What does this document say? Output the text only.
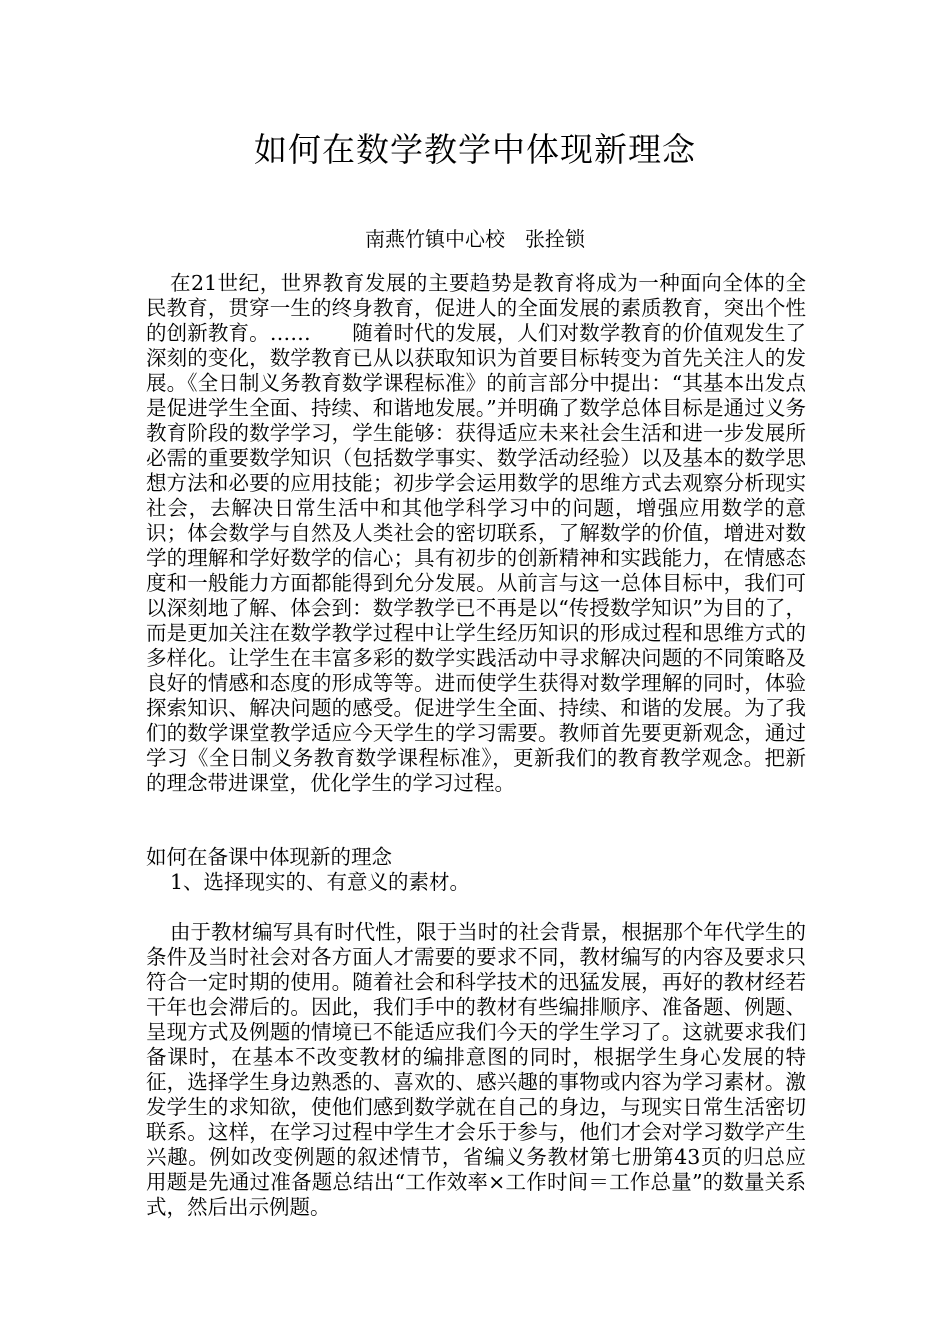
如何在数学教学中体现新理念
南燕竹镇中心校　张拴锁

在21世纪，世界教育发展的主要趋势是教育将成为一种面向全体的全民教育，贯穿一生的终身教育，促进人的全面发展的素质教育，突出个性的创新教育。……　　随着时代的发展，人们对数学教育的价值观发生了深刻的变化，数学教育已从以获取知识为首要目标转变为首先关注人的发展。《全日制义务教育数学课程标准》的前言部分中提出：“其基本出发点是促进学生全面、持续、和谐地发展。”并明确了数学总体目标是通过义务教育阶段的数学学习，学生能够：获得适应未来社会生活和进一步发展所必需的重要数学知识（包括数学事实、数学活动经验）以及基本的数学思想方法和必要的应用技能；初步学会运用数学的思维方式去观察分析现实社会，去解决日常生活中和其他学科学习中的问题，增强应用数学的意识；体会数学与自然及人类社会的密切联系，了解数学的价值，增进对数学的理解和学好数学的信心；具有初步的创新精神和实践能力，在情感态度和一般能力方面都能得到允分发展。从前言与这一总体目标中，我们可以深刻地了解、体会到：数学教学已不再是以“传授数学知识”为目的了，而是更加关注在数学教学过程中让学生经历知识的形成过程和思维方式的多样化。让学生在丰富多彩的数学实践活动中寻求解决问题的不同策略及良好的情感和态度的形成等等。进而使学生获得对数学理解的同时，体验探索知识、解决问题的感受。促进学生全面、持续、和谐的发展。为了我们的数学课堂教学适应今天学生的学习需要。教师首先要更新观念，通过学习《全日制义务教育数学课程标准》，更新我们的教育教学观念。把新的理念带进课堂，优化学生的学习过程。

如何在备课中体现新的理念

1、选择现实的、有意义的素材。

由于教材编写具有时代性，限于当时的社会背景，根据那个年代学生的条件及当时社会对各方面人才需要的要求不同，教材编写的内容及要求只符合一定时期的使用。随着社会和科学技术的迅猛发展，再好的教材经若干年也会滞后的。因此，我们手中的教材有些编排顺序、准备题、例题、呈现方式及例题的情境已不能适应我们今天的学生学习了。这就要求我们备课时，在基本不改变教材的编排意图的同时，根据学生身心发展的特征，选择学生身边熟悉的、喜欢的、感兴趣的事物或内容为学习素材。激发学生的求知欲，使他们感到数学就在自己的身边，与现实日常生活密切联系。这样，在学习过程中学生才会乐于参与，他们才会对学习数学产生兴趣。例如改变例题的叙述情节，省编义务教材第七册第43页的归总应用题是先通过准备题总结出“工作效率×工作时间＝工作总量”的数量关系式，然后出示例题。
